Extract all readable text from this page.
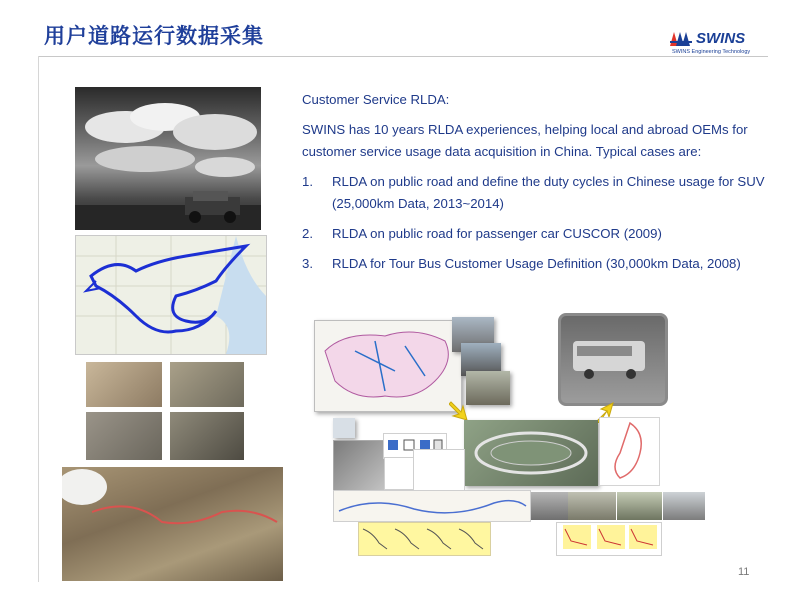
用户道路运行数据采集	SWINS
SWINS Engineering Technology

Customer Service RLDA:

SWINS has 10 years RLDA experiences, helping local and abroad OEMs for customer service usage data acquisition in China. Typical cases are:

1. RLDA on public road and define the duty cycles in Chinese usage for SUV (25,000km Data, 2013~2014)
2. RLDA on public road for passenger car CUSCOR (2009)
3. RLDA for Tour Bus Customer Usage Definition (30,000km Data, 2008)
11
